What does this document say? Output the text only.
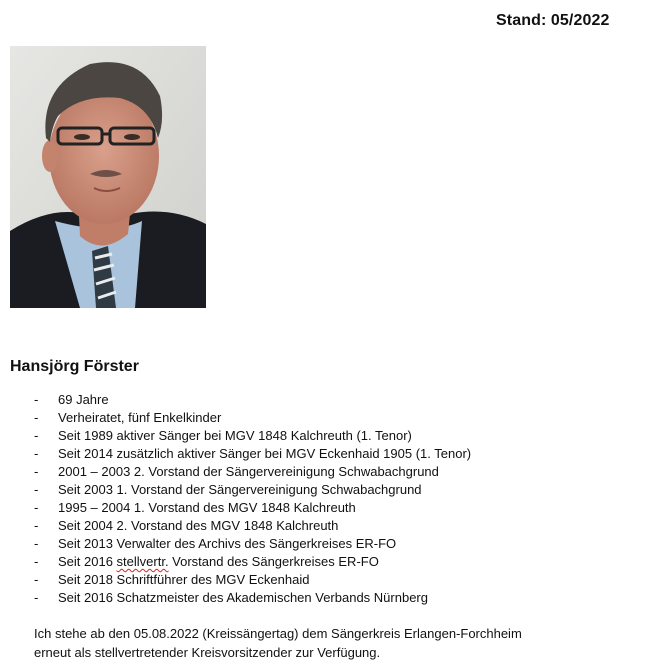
Stand: 05/2022
Hansjörg Förster
- 69 Jahre
- Verheiratet, fünf Enkelkinder
- Seit 1989 aktiver Sänger bei MGV 1848 Kalchreuth (1. Tenor)
- Seit 2014 zusätzlich aktiver Sänger bei MGV Eckenhaid 1905 (1. Tenor)
- 2001 – 2003 2. Vorstand der Sängervereinigung Schwabachgrund
- Seit 2003 1. Vorstand der Sängervereinigung Schwabachgrund
- 1995 – 2004 1. Vorstand des MGV 1848 Kalchreuth
- Seit 2004 2. Vorstand des MGV 1848 Kalchreuth
- Seit 2013 Verwalter des Archivs des Sängerkreises ER-FO
- Seit 2016 stellvertr. Vorstand des Sängerkreises ER-FO
- Seit 2018 Schriftführer des MGV Eckenhaid
- Seit 2016 Schatzmeister des Akademischen Verbands Nürnberg
Ich stehe ab den 05.08.2022 (Kreissängertag) dem Sängerkreis Erlangen-Forchheim
erneut als stellvertretender Kreisvorsitzender zur Verfügung.
